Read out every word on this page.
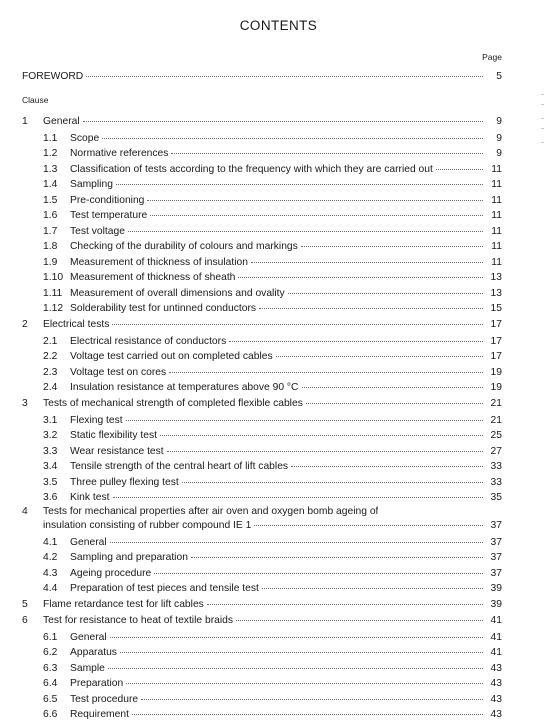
CONTENTS
Page
FOREWORD	5
Clause
1	General	9
1.1	Scope	9
1.2	Normative references	9
1.3	Classification of tests according to the frequency with which they are carried out	11
1.4	Sampling	11
1.5	Pre-conditioning	11
1.6	Test temperature	11
1.7	Test voltage	11
1.8	Checking of the durability of colours and markings	11
1.9	Measurement of thickness of insulation	11
1.10 Measurement of thickness of sheath	13
1.11 Measurement of overall dimensions and ovality	13
1.12 Solderability test for untinned conductors	15
2	Electrical tests	17
2.1	Electrical resistance of conductors	17
2.2	Voltage test carried out on completed cables	17
2.3	Voltage test on cores	19
2.4	Insulation resistance at temperatures above 90 °C	19
3	Tests of mechanical strength of completed flexible cables	21
3.1	Flexing test	21
3.2	Static flexibility test	25
3.3	Wear resistance test	27
3.4	Tensile strength of the central heart of lift cables	33
3.5	Three pulley flexing test	33
3.6	Kink test	35
4	Tests for mechanical properties after air oven and oxygen bomb ageing of
insulation consisting of rubber compound IE 1	37
4.1	General	37
4.2	Sampling and preparation	37
4.3	Ageing procedure	37
4.4	Preparation of test pieces and tensile test	39
5	Flame retardance test for lift cables	39
6	Test for resistance to heat of textile braids	41
6.1	General	41
6.2	Apparatus	41
6.3	Sample	43
6.4	Preparation	43
6.5	Test procedure	43
6.6	Requirement	43
